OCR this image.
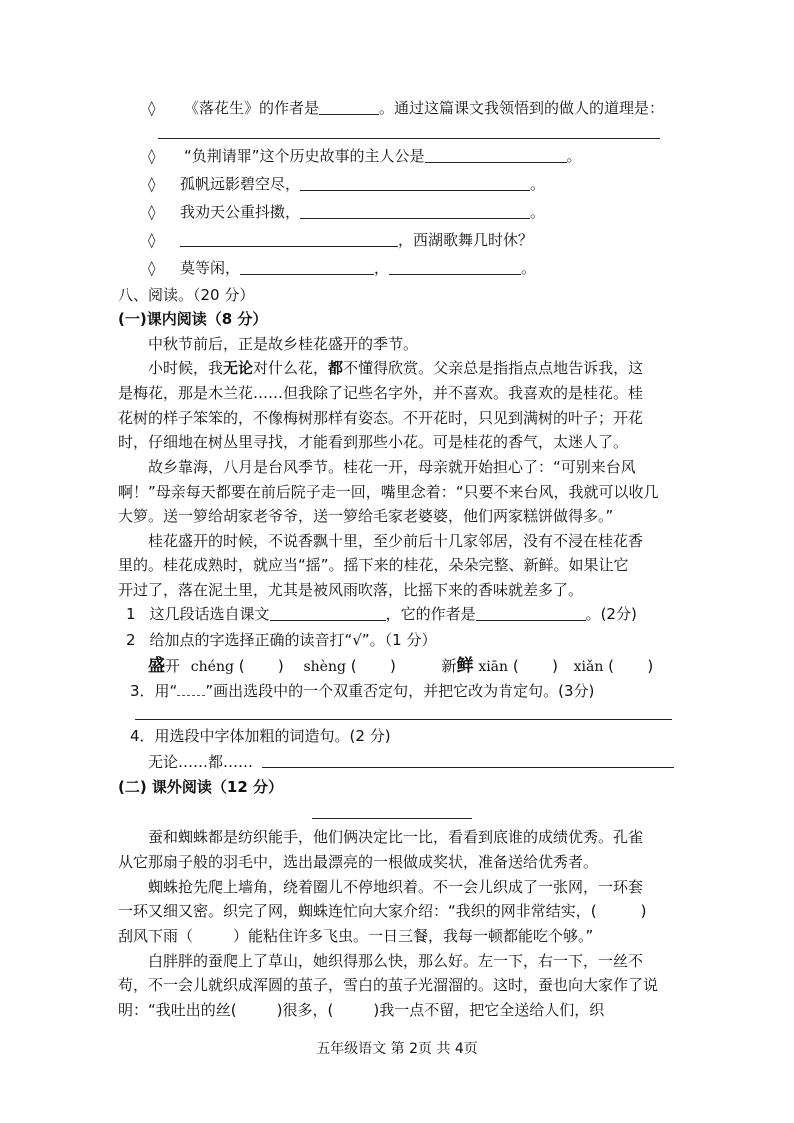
◊ 《落花生》的作者是	。通过这篇课文我领悟到的做人的道理是：
◊ “负荆请罪”这个历史故事的主人公是	。
◊ 孤帆远影碧空尽，	。
◊ 我劝天公重抖擞，	。
◊	，西湖歌舞几时休？
◊ 莫等闲，	，	。
八、阅读。（20 分）
(一)课内阅读（8 分）
中秋节前后，正是故乡桂花盛开的季节。
小时候，我无论对什么花，都不懂得欣赏。父亲总是指指点点地告诉我，这
是梅花，那是木兰花……但我除了记些名字外，并不喜欢。我喜欢的是桂花。桂
花树的样子笨笨的，不像梅树那样有姿态。不开花时，只见到满树的叶子；开花
时，仔细地在树丛里寻找，才能看到那些小花。可是桂花的香气，太迷人了。
故乡靠海，八月是台风季节。桂花一开，母亲就开始担心了：“可别来台风
啊！”母亲每天都要在前后院子走一回，嘴里念着：“只要不来台风，我就可以收几
大箩。送一箩给胡家老爷爷，送一箩给毛家老婆婆，他们两家糕饼做得多。”
桂花盛开的时候，不说香飘十里，至少前后十几家邻居，没有不浸在桂花香
里的。桂花成熟时，就应当“摇”。摇下来的桂花，朵朵完整、新鲜。如果让它
开过了，落在泥土里，尤其是被风雨吹落，比摇下来的香味就差多了。
1 这几段话选自课文	，它的作者是	。(2分)
2 给加点的字选择正确的读音打“√”。（1 分）
盛开 chéng (       ) shèng (       )	新鲜 xiān (       ) xiǎn (       )
3．用“ ”画出选段中的一个双重否定句，并把它改为肯定句。(3分)
4．用选段中字体加粗的词造句。(2 分)
无论……都……
(二) 课外阅读（12 分）
蚕和蜘蛛都是纺织能手，他们俩决定比一比，看看到底谁的成绩优秀。孔雀
从它那扇子般的羽毛中，选出最漂亮的一根做成奖状，准备送给优秀者。
蜘蛛抢先爬上墙角，绕着圈儿不停地织着。不一会儿织成了一张网，一环套
一环又细又密。织完了网，蜘蛛连忙向大家介绍：“我织的网非常结实，(	)
刮风下雨（	）能粘住许多飞虫。一日三餐，我每一顿都能吃个够。”
白胖胖的蚕爬上了草山，她织得那么快，那么好。左一下，右一下，一丝不
苟，不一会儿就织成浑圆的茧子，雪白的茧子光溜溜的。这时，蚕也向大家作了说
明：“我吐出的丝(	)很多，(	)我一点不留，把它全送给人们，织
五年级语文 第 2页 共 4页
